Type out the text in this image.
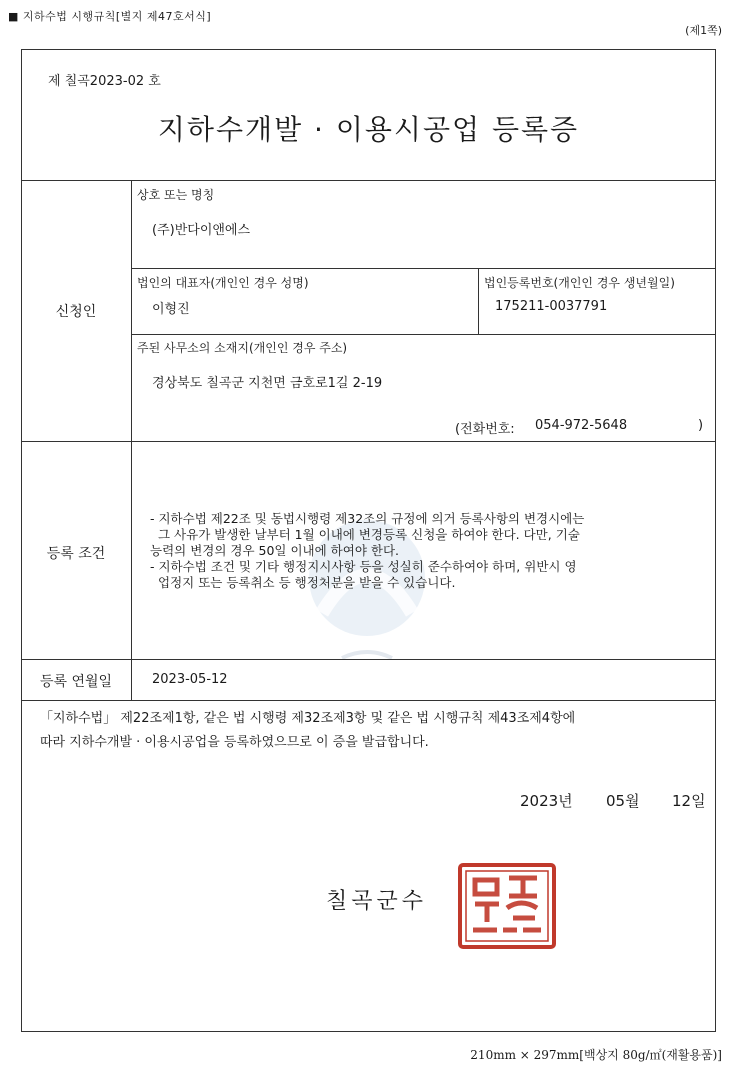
■ 지하수법 시행규칙[별지 제47호서식]
(제1쪽)
제 칠곡2023-02 호
지하수개발 · 이용시공업 등록증
신청인
상호 또는 명칭
(주)반다이앤에스
법인의 대표자(개인인 경우 성명)
이형진
법인등록번호(개인인 경우 생년월일)
175211-0037791
주된 사무소의 소재지(개인인 경우 주소)
경상북도 칠곡군 지천면 금호로1길 2-19
(전화번호: 054-972-5648	)
등록 조건
- 지하수법 제22조 및 동법시행령 제32조의 규정에 의거 등록사항의 변경시에는
그 사유가 발생한 날부터 1월 이내에 변경등록 신청을 하여야 한다. 다만, 기술
능력의 변경의 경우 50일 이내에 하여야 한다.
- 지하수법 조건 및 기타 행정지시사항 등을 성실히 준수하여야 하며, 위반시 영
업정지 또는 등록취소 등 행정처분을 받을 수 있습니다.
등록 연월일	2023-05-12
「지하수법」 제22조제1항, 같은 법 시행령 제32조제3항 및 같은 법 시행규칙 제43조제4항에
따라 지하수개발 · 이용시공업을 등록하였으므로 이 증을 발급합니다.
2023년 05월 12일
칠곡군수
210mm × 297mm[백상지 80g/㎡(재활용품)]
